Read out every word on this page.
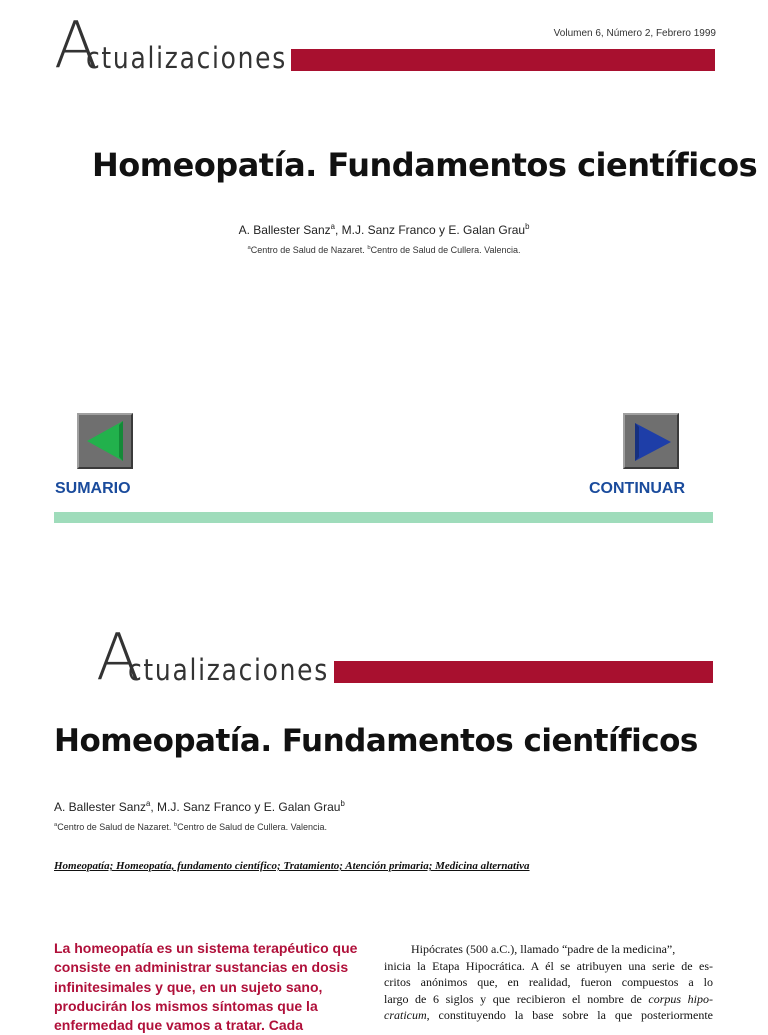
A
ctualizaciones
Volumen 6, Número 2, Febrero 1999
Homeopatía. Fundamentos científicos
A. Ballester Sanz$^a$, M.J. Sanz Franco y E. Galan Grau$^b$
$^a$Centro de Salud de Nazaret. $^b$Centro de Salud de Cullera. Valencia.
SUMARIO	CONTINUAR
A
ctualizaciones
Homeopatía. Fundamentos científicos
A. Ballester Sanz$^a$, M.J. Sanz Franco y E. Galan Grau$^b$
$^a$Centro de Salud de Nazaret. $^b$Centro de Salud de Cullera. Valencia.
Homeopatía; Homeopatía, fundamento científico; Tratamiento; Atención primaria; Medicina alternativa
La homeopatía es un sistema terapéutico que
consiste en administrar sustancias en dosis
infinitesimales y que, en un sujeto sano,
producirán los mismos síntomas que la
enfermedad que vamos a tratar. Cada
Hipócrates (500 a.C.), llamado “padre de la medicina”,
inicia la Etapa Hipocrática. A él se atribuyen una serie de es-
critos anónimos que, en realidad, fueron compuestos a lo
largo de 6 siglos y que recibieron el nombre de corpus hipo-
craticum, constituyendo la base sobre la que posteriormente
